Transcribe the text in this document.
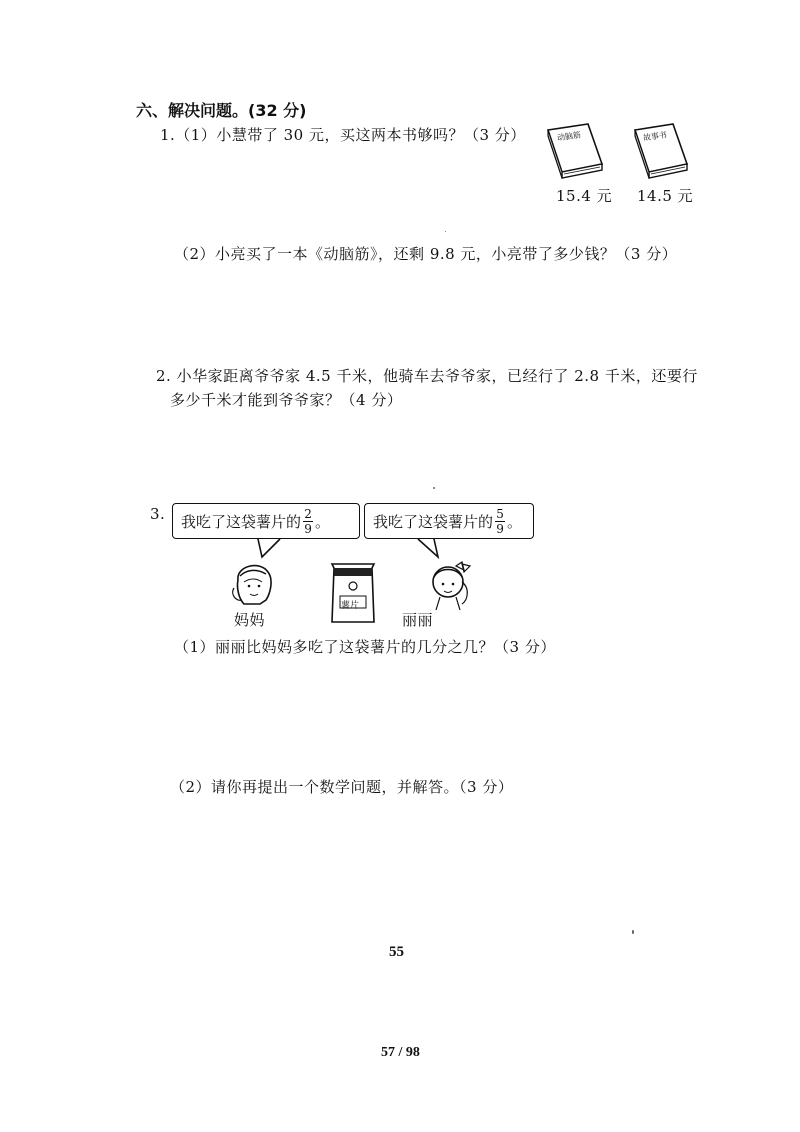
六、解决问题。(32 分)
1.（1）小慧带了 30 元，买这两本书够吗？（3 分）	动脑筋	故事书
15.4 元 14.5 元
（2）小亮买了一本《动脑筋》，还剩 9.8 元，小亮带了多少钱？（3 分）
2. 小华家距离爷爷家 4.5 千米，他骑车去爷爷家，已经行了 2.8 千米，还要行
多少千米才能到爷爷家？（4 分）
3. 我吃了这袋薯片的 $\frac{2}{9}$ 。	我吃了这袋薯片的 $\frac{5}{9}$ 。
妈妈
薯片
丽丽
（1）丽丽比妈妈多吃了这袋薯片的几分之几？（3 分）
（2）请你再提出一个数学问题，并解答。（3 分）
55
57 / 98
